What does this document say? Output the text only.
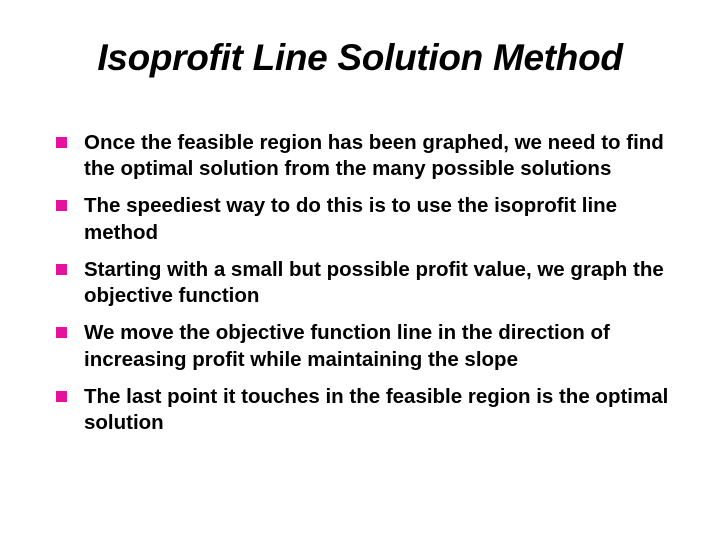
Isoprofit Line Solution Method
Once the feasible region has been graphed, we need to find the optimal solution from the many possible solutions
The speediest way to do this is to use the isoprofit line method
Starting with a small but possible profit value, we graph the objective function
We move the objective function line in the direction of increasing profit while maintaining the slope
The last point it touches in the feasible region is the optimal solution
